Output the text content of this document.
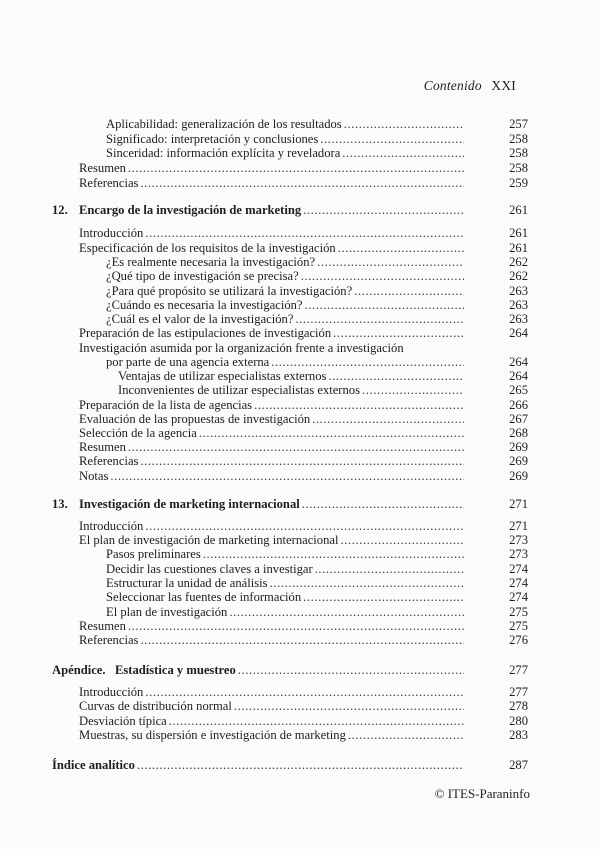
Contenido XXI
Aplicabilidad: generalización de los resultados .....	257
Significado: interpretación y conclusiones .....	258
Sinceridad: información explícita y reveladora .....	258
Resumen .....	258
Referencias .....	259
12. Encargo de la investigación de marketing .....	261
Introducción .....	261
Especificación de los requisitos de la investigación .....	261
¿Es realmente necesaria la investigación? .....	262
¿Qué tipo de investigación se precisa? .....	262
¿Para qué propósito se utilizará la investigación? .....	263
¿Cuándo es necesaria la investigación? .....	263
¿Cuál es el valor de la investigación? .....	263
Preparación de las estipulaciones de investigación .....	264
Investigación asumida por la organización frente a investigación
por parte de una agencia externa .....	264
Ventajas de utilizar especialistas externos .....	264
Inconvenientes de utilizar especialistas externos .....	265
Preparación de la lista de agencias .....	266
Evaluación de las propuestas de investigación .....	267
Selección de la agencia .....	268
Resumen .....	269
Referencias .....	269
Notas .....	269
13. Investigación de marketing internacional .....	271
Introducción .....	271
El plan de investigación de marketing internacional .....	273
Pasos preliminares .....	273
Decidir las cuestiones claves a investigar .....	274
Estructurar la unidad de análisis .....	274
Seleccionar las fuentes de información .....	274
El plan de investigación .....	275
Resumen .....	275
Referencias .....	276
Apéndice.   Estadística y muestreo .....	277
Introducción .....	277
Curvas de distribución normal .....	278
Desviación típica .....	280
Muestras, su dispersión e investigación de marketing .....	283
Índice analítico .....	287
© ITES-Paraninfo
